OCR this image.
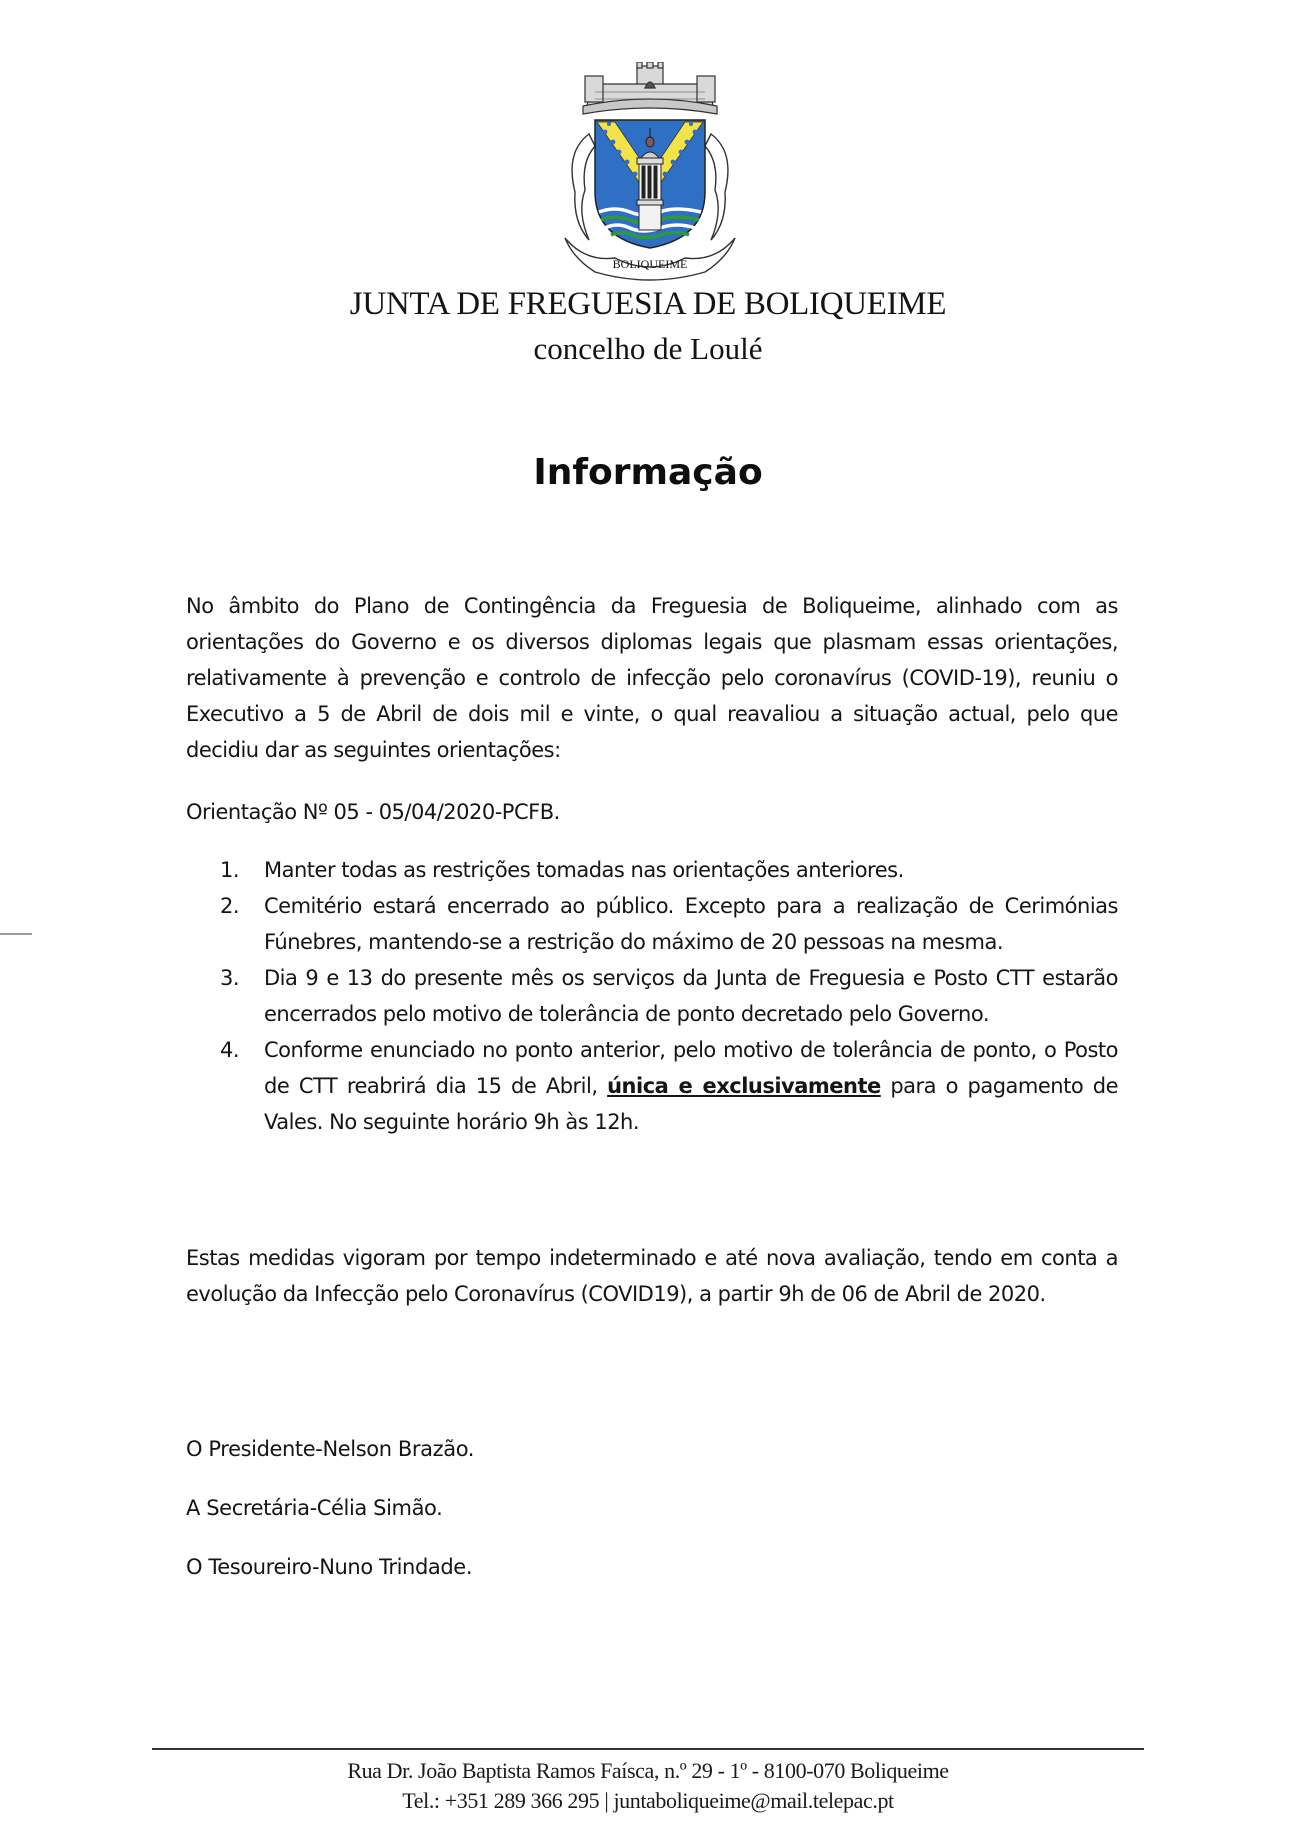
BOLIQUEIME
JUNTA DE FREGUESIA DE BOLIQUEIME
concelho de Loulé
Informação

No âmbito do Plano de Contingência da Freguesia de Boliqueime, alinhado com as orientações do Governo e os diversos diplomas legais que plasmam essas orientações, relativamente à prevenção e controlo de infecção pelo coronavírus (COVID-19), reuniu o Executivo a 5 de Abril de dois mil e vinte, o qual reavaliou a situação actual, pelo que decidiu dar as seguintes orientações:

Orientação Nº 05 - 05/04/2020-PCFB.

1. Manter todas as restrições tomadas nas orientações anteriores.
2. Cemitério estará encerrado ao público. Excepto para a realização de Cerimónias Fúnebres, mantendo-se a restrição do máximo de 20 pessoas na mesma.
3. Dia 9 e 13 do presente mês os serviços da Junta de Freguesia e Posto CTT estarão encerrados pelo motivo de tolerância de ponto decretado pelo Governo.
4. Conforme enunciado no ponto anterior, pelo motivo de tolerância de ponto, o Posto de CTT reabrirá dia 15 de Abril, única e exclusivamente para o pagamento de Vales. No seguinte horário 9h às 12h.

Estas medidas vigoram por tempo indeterminado e até nova avaliação, tendo em conta a evolução da Infecção pelo Coronavírus (COVID19), a partir 9h de 06 de Abril de 2020.

O Presidente-Nelson Brazão.
A Secretária-Célia Simão.
O Tesoureiro-Nuno Trindade.
Rua Dr. João Baptista Ramos Faísca, n.º 29 - 1º - 8100-070 Boliqueime
Tel.: +351 289 366 295 | juntaboliqueime@mail.telepac.pt
